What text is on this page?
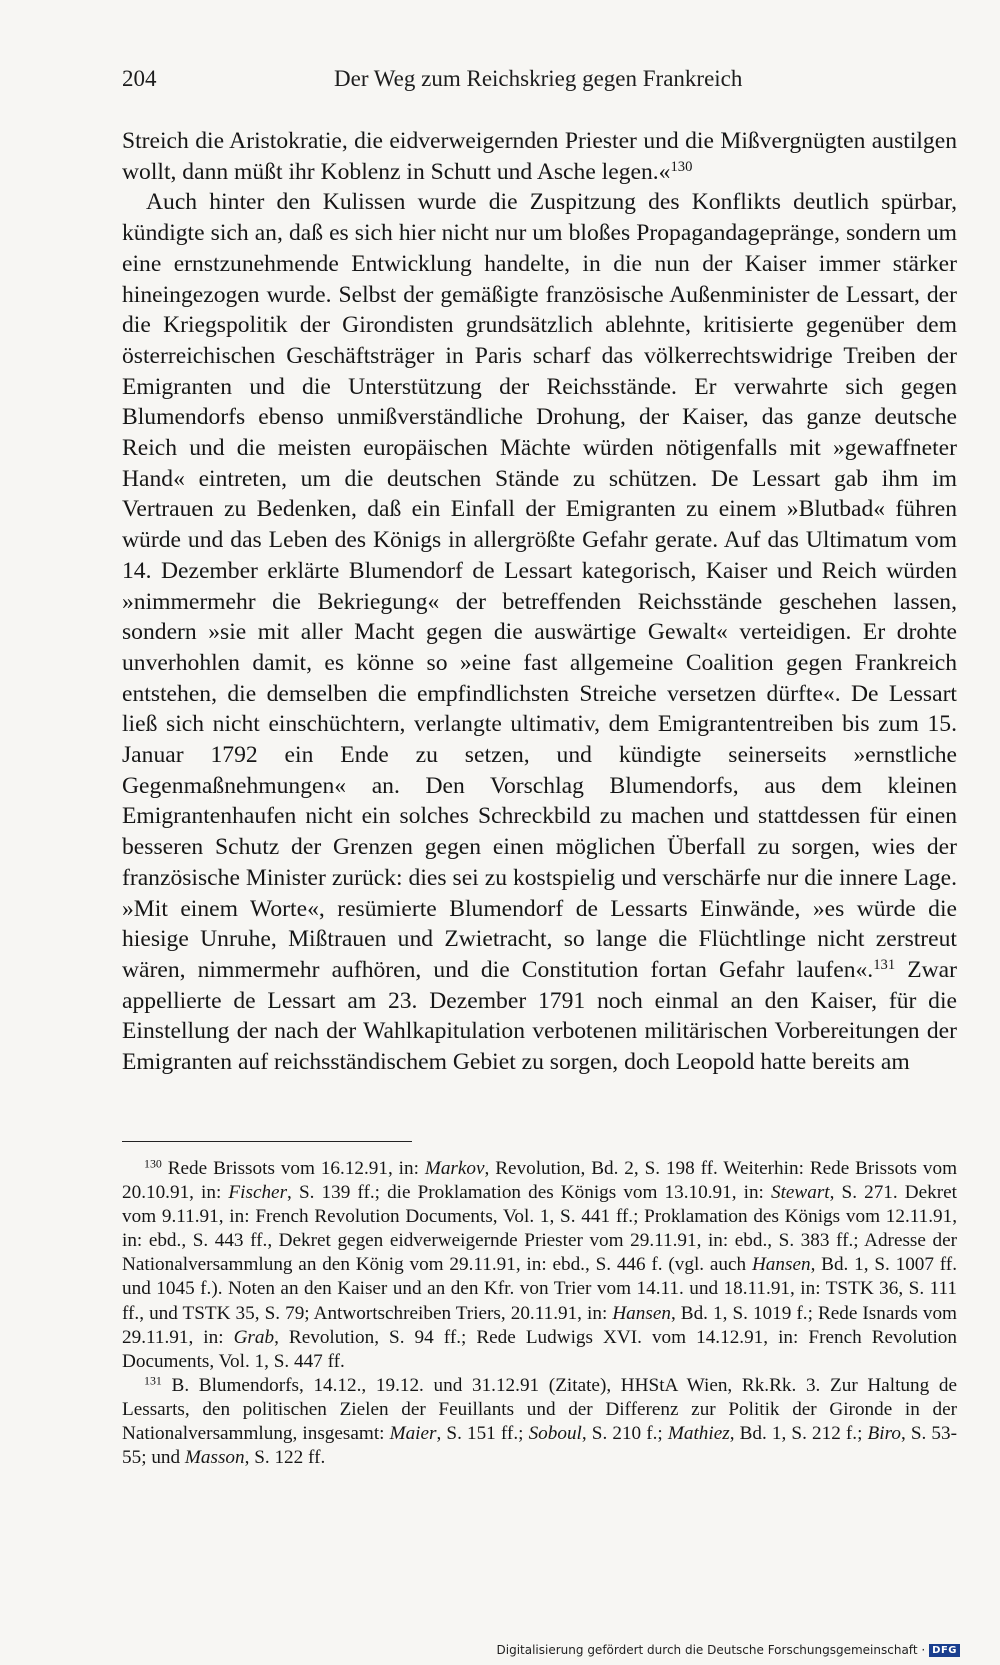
204	Der Weg zum Reichskrieg gegen Frankreich

Streich die Aristokratie, die eidverweigernden Priester und die Mißvergnügten austilgen wollt, dann müßt ihr Koblenz in Schutt und Asche legen.«$^{130}$

Auch hinter den Kulissen wurde die Zuspitzung des Konflikts deutlich spürbar, kündigte sich an, daß es sich hier nicht nur um bloßes Propagandagepränge, sondern um eine ernstzunehmende Entwicklung handelte, in die nun der Kaiser immer stärker hineingezogen wurde. Selbst der gemäßigte französische Außenminister de Lessart, der die Kriegspolitik der Girondisten grundsätzlich ablehnte, kritisierte gegenüber dem österreichischen Geschäftsträger in Paris scharf das völkerrechtswidrige Treiben der Emigranten und die Unterstützung der Reichsstände. Er verwahrte sich gegen Blumendorfs ebenso unmißverständliche Drohung, der Kaiser, das ganze deutsche Reich und die meisten europäischen Mächte würden nötigenfalls mit »gewaffneter Hand« eintreten, um die deutschen Stände zu schützen. De Lessart gab ihm im Vertrauen zu Bedenken, daß ein Einfall der Emigranten zu einem »Blutbad« führen würde und das Leben des Königs in allergrößte Gefahr gerate. Auf das Ultimatum vom 14. Dezember erklärte Blumendorf de Lessart kategorisch, Kaiser und Reich würden »nimmermehr die Bekriegung« der betreffenden Reichsstände geschehen lassen, sondern »sie mit aller Macht gegen die auswärtige Gewalt« verteidigen. Er drohte unverhohlen damit, es könne so »eine fast allgemeine Coalition gegen Frankreich entstehen, die demselben die empfindlichsten Streiche versetzen dürfte«. De Lessart ließ sich nicht einschüchtern, verlangte ultimativ, dem Emigrantentreiben bis zum 15. Januar 1792 ein Ende zu setzen, und kündigte seinerseits »ernstliche Gegenmaßnehmungen« an. Den Vorschlag Blumendorfs, aus dem kleinen Emigrantenhaufen nicht ein solches Schreckbild zu machen und stattdessen für einen besseren Schutz der Grenzen gegen einen möglichen Überfall zu sorgen, wies der französische Minister zurück: dies sei zu kostspielig und verschärfe nur die innere Lage. »Mit einem Worte«, resümierte Blumendorf de Lessarts Einwände, »es würde die hiesige Unruhe, Mißtrauen und Zwietracht, so lange die Flüchtlinge nicht zerstreut wären, nimmermehr aufhören, und die Constitution fortan Gefahr laufen«.$^{131}$ Zwar appellierte de Lessart am 23. Dezember 1791 noch einmal an den Kaiser, für die Einstellung der nach der Wahlkapitulation verbotenen militärischen Vorbereitungen der Emigranten auf reichsständischem Gebiet zu sorgen, doch Leopold hatte bereits am

$^{130}$ Rede Brissots vom 16.12.91, in: Markov, Revolution, Bd. 2, S. 198 ff. Weiterhin: Rede Brissots vom 20.10.91, in: Fischer, S. 139 ff.; die Proklamation des Königs vom 13.10.91, in: Stewart, S. 271. Dekret vom 9.11.91, in: French Revolution Documents, Vol. 1, S. 441 ff.; Proklamation des Königs vom 12.11.91, in: ebd., S. 443 ff., Dekret gegen eidverweigernde Priester vom 29.11.91, in: ebd., S. 383 ff.; Adresse der Nationalversammlung an den König vom 29.11.91, in: ebd., S. 446 f. (vgl. auch Hansen, Bd. 1, S. 1007 ff. und 1045 f.). Noten an den Kaiser und an den Kfr. von Trier vom 14.11. und 18.11.91, in: TSTK 36, S. 111 ff., und TSTK 35, S. 79; Antwortschreiben Triers, 20.11.91, in: Hansen, Bd. 1, S. 1019 f.; Rede Isnards vom 29.11.91, in: Grab, Revolution, S. 94 ff.; Rede Ludwigs XVI. vom 14.12.91, in: French Revolution Documents, Vol. 1, S. 447 ff.

$^{131}$ B. Blumendorfs, 14.12., 19.12. und 31.12.91 (Zitate), HHStA Wien, Rk.Rk. 3. Zur Haltung de Lessarts, den politischen Zielen der Feuillants und der Differenz zur Politik der Gironde in der Nationalversammlung, insgesamt: Maier, S. 151 ff.; Soboul, S. 210 f.; Mathiez, Bd. 1, S. 212 f.; Biro, S. 53-55; und Masson, S. 122 ff.

Digitalisierung gefördert durch die Deutsche Forschungsgemeinschaft · DFG
